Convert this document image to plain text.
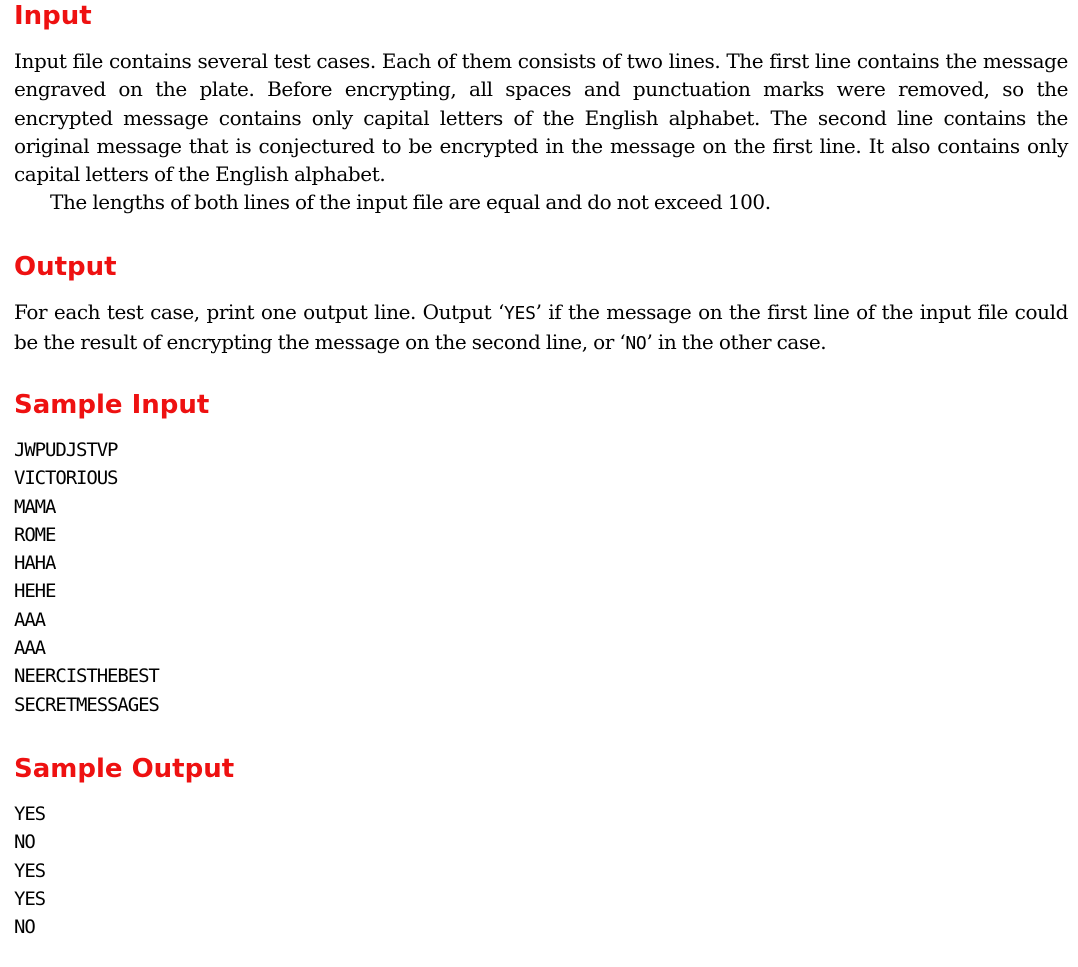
Input

Input file contains several test cases. Each of them consists of two lines. The first line contains the message engraved on the plate. Before encrypting, all spaces and punctuation marks were removed, so the encrypted message contains only capital letters of the English alphabet. The second line contains the original message that is conjectured to be encrypted in the message on the first line. It also contains only capital letters of the English alphabet.

The lengths of both lines of the input file are equal and do not exceed 100.

Output

For each test case, print one output line. Output ‘YES’ if the message on the first line of the input file could be the result of encrypting the message on the second line, or ‘NO’ in the other case.

Sample Input
JWPUDJSTVP
VICTORIOUS
MAMA
ROME
HAHA
HEHE
AAA
AAA
NEERCISTHEBEST
SECRETMESSAGES
Sample Output
YES
NO
YES
YES
NO
